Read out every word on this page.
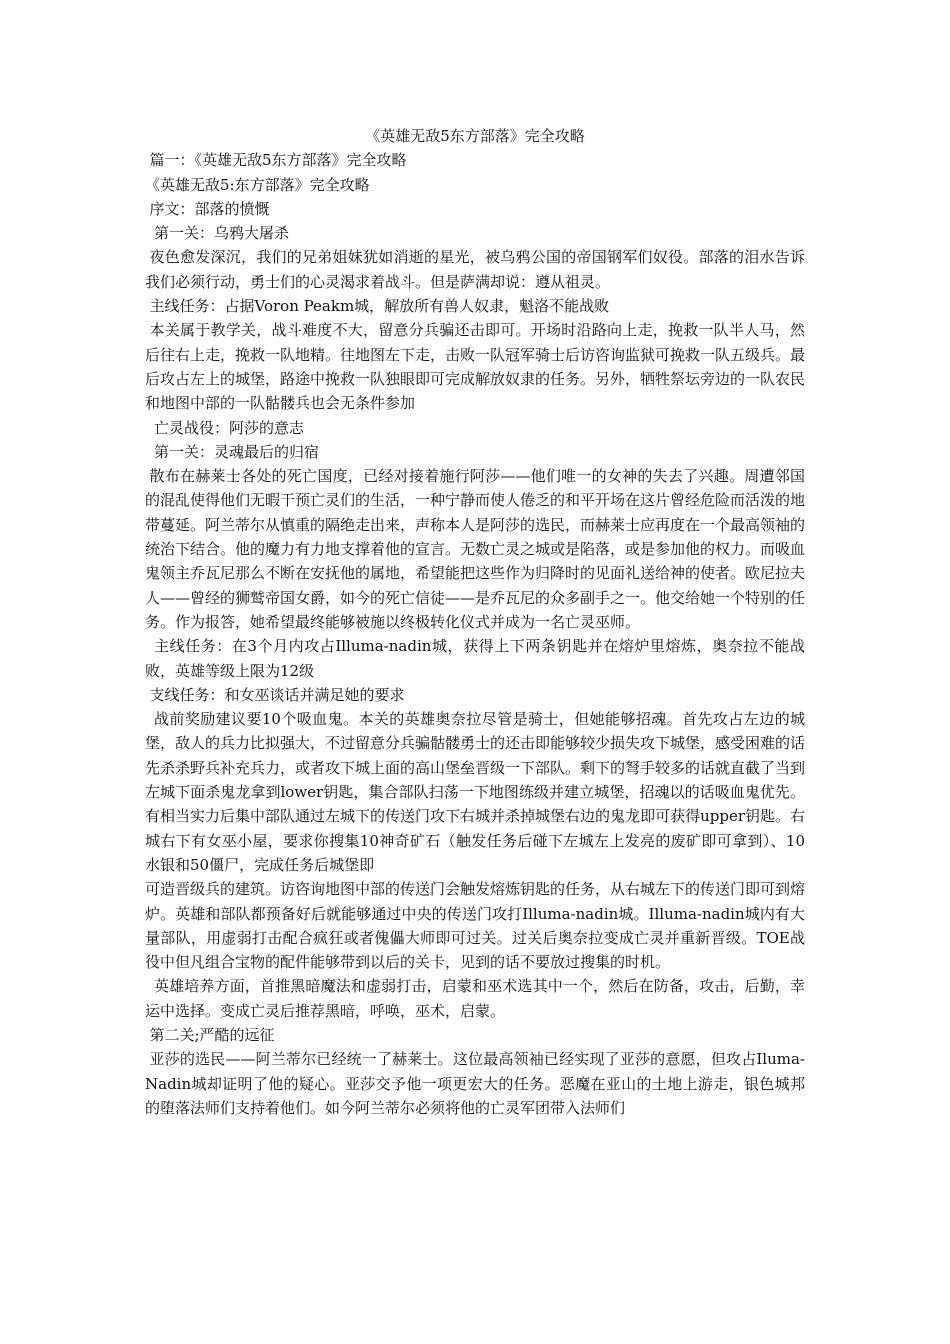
《英雄无敌5东方部落》完全攻略

篇一：《英雄无敌5东方部落》完全攻略

《英雄无敌5:东方部落》完全攻略

序文：部落的愤慨

第一关：乌鸦大屠杀

夜色愈发深沉，我们的兄弟姐妹犹如消逝的星光，被乌鸦公国的帝国钢军们奴役。部落的泪水告诉我们必须行动，勇士们的心灵渴求着战斗。但是萨满却说：遵从祖灵。

主线任务：占据Voron Peakm城，解放所有兽人奴隶，魁洛不能战败

本关属于教学关，战斗难度不大，留意分兵骗还击即可。开场时沿路向上走，挽救一队半人马，然后往右上走，挽救一队地精。往地图左下走，击败一队冠军骑士后访咨询监狱可挽救一队五级兵。最后攻占左上的城堡，路途中挽救一队独眼即可完成解放奴隶的任务。另外，牺牲祭坛旁边的一队农民和地图中部的一队骷髅兵也会无条件参加

亡灵战役：阿莎的意志

第一关：灵魂最后的归宿

散布在赫莱士各处的死亡国度，已经对接着施行阿莎——他们唯一的女神的失去了兴趣。周遭邻国的混乱使得他们无暇干预亡灵们的生活，一种宁静而使人倦乏的和平开场在这片曾经危险而活泼的地带蔓延。阿兰蒂尔从慎重的隔绝走出来，声称本人是阿莎的选民，而赫莱士应再度在一个最高领袖的统治下结合。他的魔力有力地支撑着他的宣言。无数亡灵之城或是陷落，或是参加他的权力。而吸血鬼领主乔瓦尼那么不断在安抚他的属地，希望能把这些作为归降时的见面礼送给神的使者。欧尼拉夫人——曾经的狮鹫帝国女爵，如今的死亡信徒——是乔瓦尼的众多副手之一。他交给她一个特别的任务。作为报答，她希望最终能够被施以终极转化仪式并成为一名亡灵巫师。

主线任务：在3个月内攻占Illuma-nadin城，获得上下两条钥匙并在熔炉里熔炼，奥奈拉不能战败，英雄等级上限为12级

支线任务：和女巫谈话并满足她的要求

战前奖励建议要10个吸血鬼。本关的英雄奥奈拉尽管是骑士，但她能够招魂。首先攻占左边的城堡，敌人的兵力比拟强大，不过留意分兵骗骷髅勇士的还击即能够较少损失攻下城堡，感受困难的话先杀杀野兵补充兵力，或者攻下城上面的高山堡垒晋级一下部队。剩下的弩手较多的话就直截了当到左城下面杀鬼龙拿到lower钥匙，集合部队扫荡一下地图练级并建立城堡，招魂以的话吸血鬼优先。有相当实力后集中部队通过左城下的传送门攻下右城并杀掉城堡右边的鬼龙即可获得upper钥匙。右城右下有女巫小屋，要求你搜集10神奇矿石（触发任务后碰下左城左上发亮的废矿即可拿到）、10水银和50僵尸，完成任务后城堡即

可造晋级兵的建筑。访咨询地图中部的传送门会触发熔炼钥匙的任务，从右城左下的传送门即可到熔炉。英雄和部队都预备好后就能够通过中央的传送门攻打Illuma-nadin城。Illuma-nadin城内有大量部队，用虚弱打击配合疯狂或者傀儡大师即可过关。过关后奥奈拉变成亡灵并重新晋级。TOE战役中但凡组合宝物的配件能够带到以后的关卡，见到的话不要放过搜集的时机。

英雄培养方面，首推黑暗魔法和虚弱打击，启蒙和巫术选其中一个，然后在防备，攻击，后勤，幸运中选择。变成亡灵后推荐黑暗，呼唤，巫术，启蒙。

第二关;严酷的远征

亚莎的选民——阿兰蒂尔已经统一了赫莱士。这位最高领袖已经实现了亚莎的意愿，但攻占Iluma-Nadin城却证明了他的疑心。亚莎交予他一项更宏大的任务。恶魔在亚山的土地上游走，银色城邦的堕落法师们支持着他们。如今阿兰蒂尔必须将他的亡灵军团带入法师们
